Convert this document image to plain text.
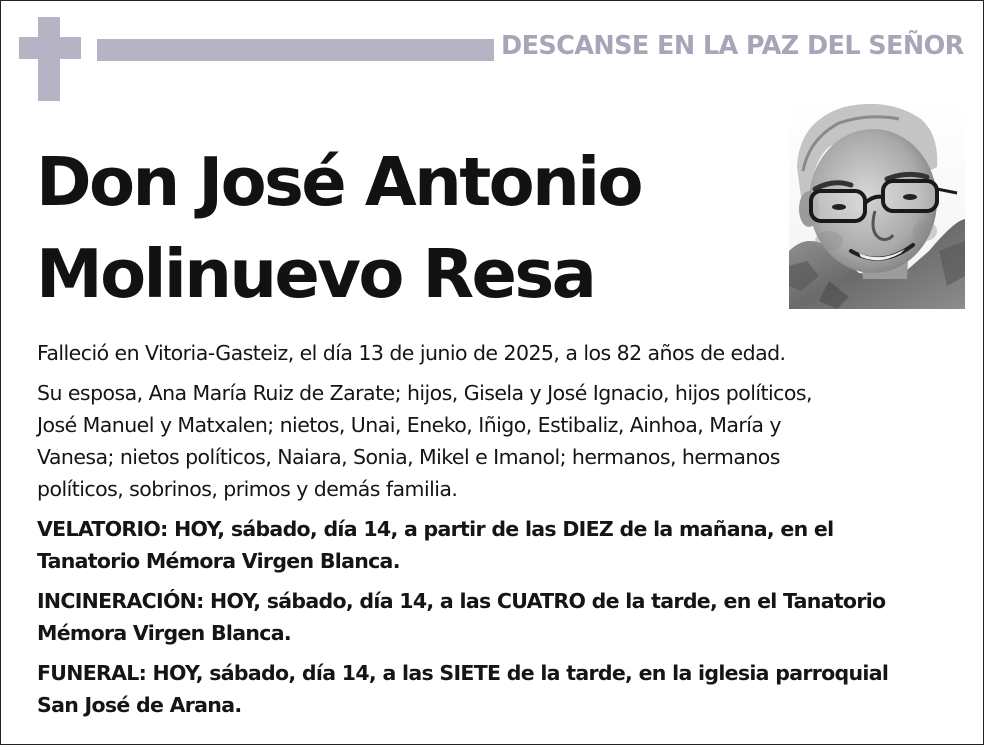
DESCANSE EN LA PAZ DEL SEÑOR
Don José Antonio
Molinuevo Resa

Falleció en Vitoria-Gasteiz, el día 13 de junio de 2025, a los 82 años de edad.

Su esposa, Ana María Ruiz de Zarate; hijos, Gisela y José Ignacio, hijos políticos,
José Manuel y Matxalen; nietos, Unai, Eneko, Iñigo, Estibaliz, Ainhoa, María y
Vanesa; nietos políticos, Naiara, Sonia, Mikel e Imanol; hermanos, hermanos
políticos, sobrinos, primos y demás familia.

VELATORIO: HOY, sábado, día 14, a partir de las DIEZ de la mañana, en el
Tanatorio Mémora Virgen Blanca.

INCINERACIÓN: HOY, sábado, día 14, a las CUATRO de la tarde, en el Tanatorio
Mémora Virgen Blanca.

FUNERAL: HOY, sábado, día 14, a las SIETE de la tarde, en la iglesia parroquial
San José de Arana.
